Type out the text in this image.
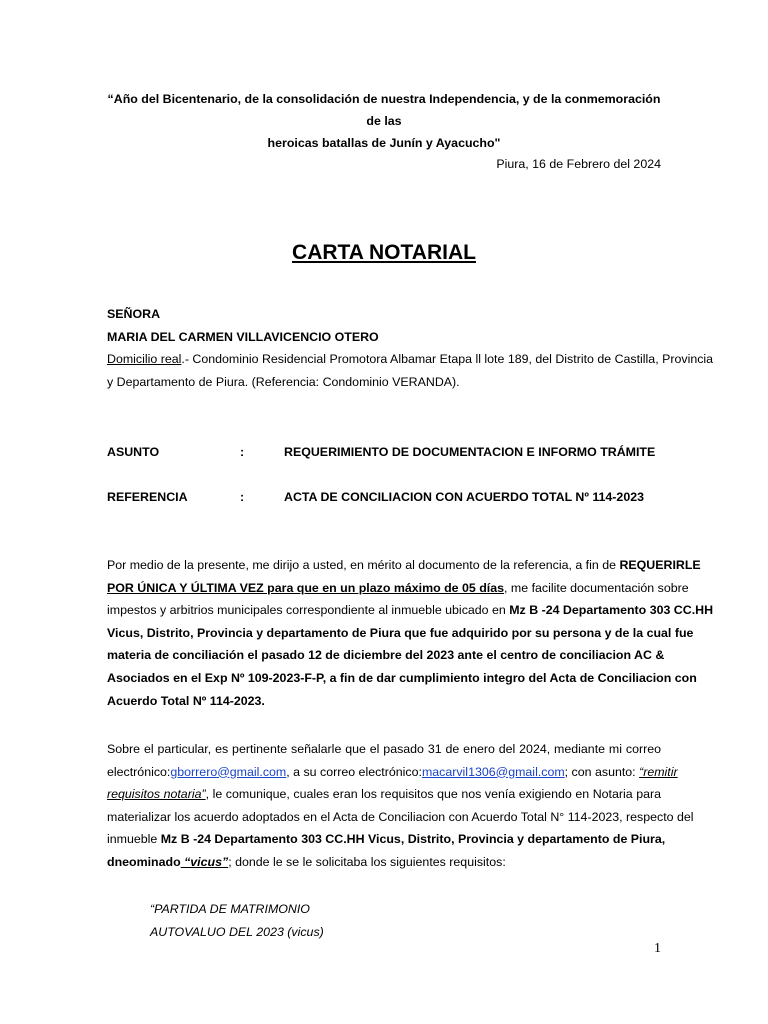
“Año del Bicentenario, de la consolidación de nuestra Independencia, y de la conmemoración de las
heroicas batallas de Junín y Ayacucho"
Piura, 16 de Febrero del 2024
CARTA NOTARIAL
SEÑORA
MARIA DEL CARMEN VILLAVICENCIO OTERO
Domicilio real.- Condominio Residencial Promotora Albamar Etapa ll lote 189, del Distrito de Castilla, Provincia
y Departamento de Piura. (Referencia: Condominio VERANDA).
ASUNTO	:	REQUERIMIENTO DE DOCUMENTACION E INFORMO TRÁMITE
REFERENCIA	:	ACTA DE CONCILIACION CON ACUERDO TOTAL Nº 114-2023
Por medio de la presente, me dirijo a usted, en mérito al documento de la referencia, a fin de REQUERIRLE
POR ÚNICA Y ÚLTIMA VEZ para que en un plazo máximo de 05 días, me facilite documentación sobre
impestos y arbitrios municipales correspondiente al inmueble ubicado en Mz B -24 Departamento 303 CC.HH
Vicus, Distrito, Provincia y departamento de Piura que fue adquirido por su persona y de la cual fue
materia de conciliación el pasado 12 de diciembre del 2023 ante el centro de conciliacion AC &
Asociados en el Exp Nº 109-2023-F-P, a fin de dar cumplimiento integro del Acta de Conciliacion con
Acuerdo Total Nº 114-2023.
Sobre el particular, es pertinente señalarle que el pasado 31 de enero del 2024, mediante mi correo
electrónico:gborrero@gmail.com, a su correo electrónico:macarvil1306@gmail.com; con asunto: “remitir
requisitos notaria”, le comunique, cuales eran los requisitos que nos venía exigiendo en Notaria para
materializar los acuerdo adoptados en el Acta de Conciliacion con Acuerdo Total N° 114-2023, respecto del
inmueble Mz B -24 Departamento 303 CC.HH Vicus, Distrito, Provincia y departamento de Piura,
dneominado “vicus”; donde le se le solicitaba los siguientes requisitos:
“PARTIDA DE MATRIMONIO
AUTOVALUO DEL 2023 (vicus)
1
